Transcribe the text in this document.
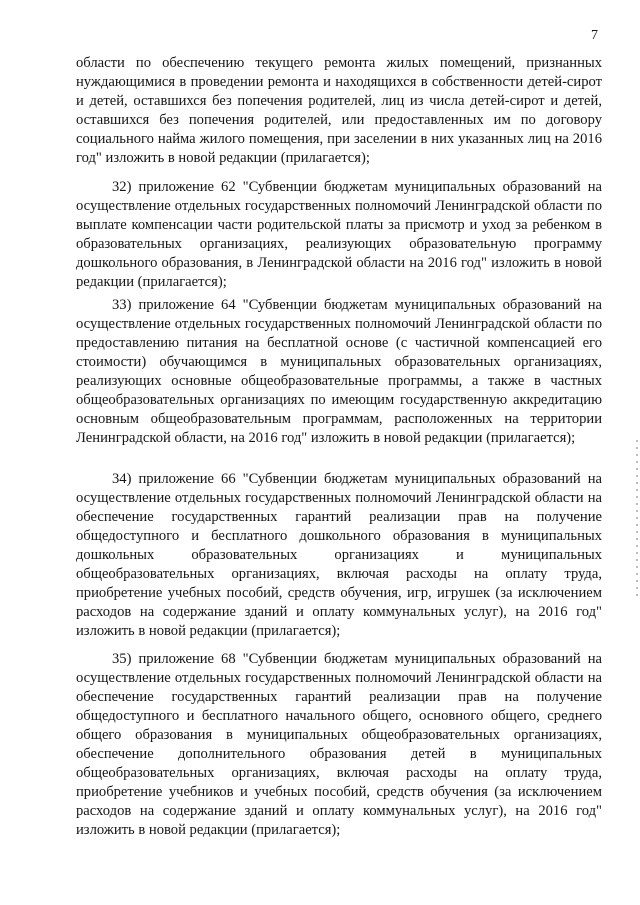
7

области по обеспечению текущего ремонта жилых помещений, признанных нуждающимися в проведении ремонта и находящихся в собственности детей-сирот и детей, оставшихся без попечения родителей, лиц из числа детей-сирот и детей, оставшихся без попечения родителей, или предоставленных им по договору социального найма жилого помещения, при заселении в них указанных лиц на 2016 год" изложить в новой редакции (прилагается);

32) приложение 62 "Субвенции бюджетам муниципальных образований на осуществление отдельных государственных полномочий Ленинградской области по выплате компенсации части родительской платы за присмотр и уход за ребенком в образовательных организациях, реализующих образовательную программу дошкольного образования, в Ленинградской области на 2016 год" изложить в новой редакции (прилагается);

33) приложение 64 "Субвенции бюджетам муниципальных образований на осуществление отдельных государственных полномочий Ленинградской области по предоставлению питания на бесплатной основе (с частичной компенсацией его стоимости) обучающимся в муниципальных образовательных организациях, реализующих основные общеобразовательные программы, а также в частных общеобразовательных организациях по имеющим государственную аккредитацию основным общеобразовательным программам, расположенных на территории Ленинградской области, на 2016 год" изложить в новой редакции (прилагается);

34) приложение 66 "Субвенции бюджетам муниципальных образований на осуществление отдельных государственных полномочий Ленинградской области на обеспечение государственных гарантий реализации прав на получение общедоступного и бесплатного дошкольного образования в муниципальных дошкольных образовательных организациях и муниципальных общеобразовательных организациях, включая расходы на оплату труда, приобретение учебных пособий, средств обучения, игр, игрушек (за исключением расходов на содержание зданий и оплату коммунальных услуг), на 2016 год" изложить в новой редакции (прилагается);

35) приложение 68 "Субвенции бюджетам муниципальных образований на осуществление отдельных государственных полномочий Ленинградской области на обеспечение государственных гарантий реализации прав на получение общедоступного и бесплатного начального общего, основного общего, среднего общего образования в муниципальных общеобразовательных организациях, обеспечение дополнительного образования детей в муниципальных общеобразовательных организациях, включая расходы на оплату труда, приобретение учебников и учебных пособий, средств обучения (за исключением расходов на содержание зданий и оплату коммунальных услуг), на 2016 год" изложить в новой редакции (прилагается);
